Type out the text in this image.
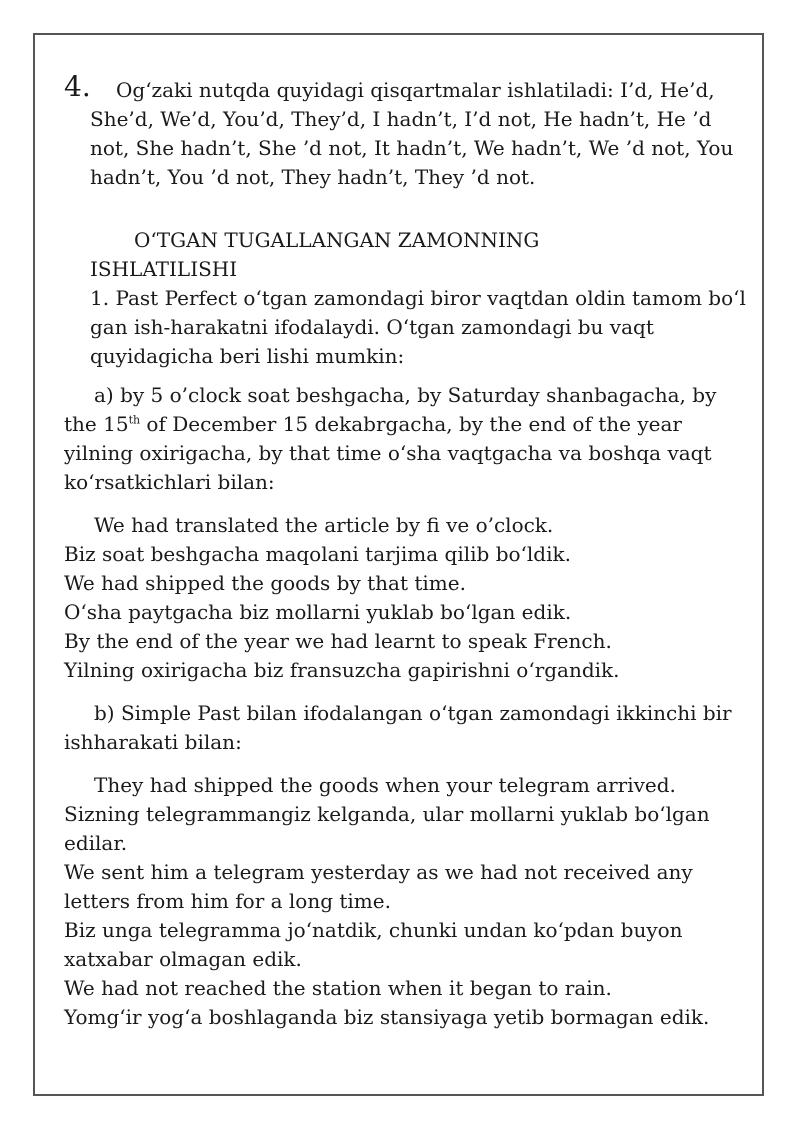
4.	Og‘zaki nutqda quyidagi qisqartmalar ishlatiladi: I’d, He’d, She’d, We’d, You’d, They’d, I hadn’t, I’d not, He hadn’t, He ’d not, She hadn’t, She ’d not, It hadn’t, We hadn’t, We ’d not, You hadn’t, You ’d not, They hadn’t, They ’d not.
O‘TGAN TUGALLANGAN ZAMONNING
ISHLATILISHI
1. Past Perfect o‘tgan zamondagi biror vaqtdan oldin tamom bo‘l gan ish-harakatni ifodalaydi. O‘tgan zamondagi bu vaqt quyidagicha beri lishi mumkin:
a) by 5 o’clock soat beshgacha, by Saturday shanbagacha, by the 15th of December 15 dekabrgacha, by the end of the year yilning oxirigacha, by that time o‘sha vaqtgacha va boshqa vaqt ko‘rsatkichlari bilan:

We had translated the article by fi ve o’clock.

Biz soat beshgacha maqolani tarjima qilib bo‘ldik.

We had shipped the goods by that time.

O‘sha paytgacha biz mollarni yuklab bo‘lgan edik.

By the end of the year we had learnt to speak French.

Yilning oxirigacha biz fransuzcha gapirishni o‘rgandik.

b) Simple Past bilan ifodalangan o‘tgan zamondagi ikkinchi bir ishharakati bilan:

They had shipped the goods when your telegram arrived.

Sizning telegrammangiz kelganda, ular mollarni yuklab bo‘lgan edilar.

We sent him a telegram yesterday as we had not received any letters from him for a long time.

Biz unga telegramma jo‘natdik, chunki undan ko‘pdan buyon xatxabar olmagan edik.

We had not reached the station when it began to rain.

Yomg‘ir yog‘a boshlaganda biz stansiyaga yetib bormagan edik.
